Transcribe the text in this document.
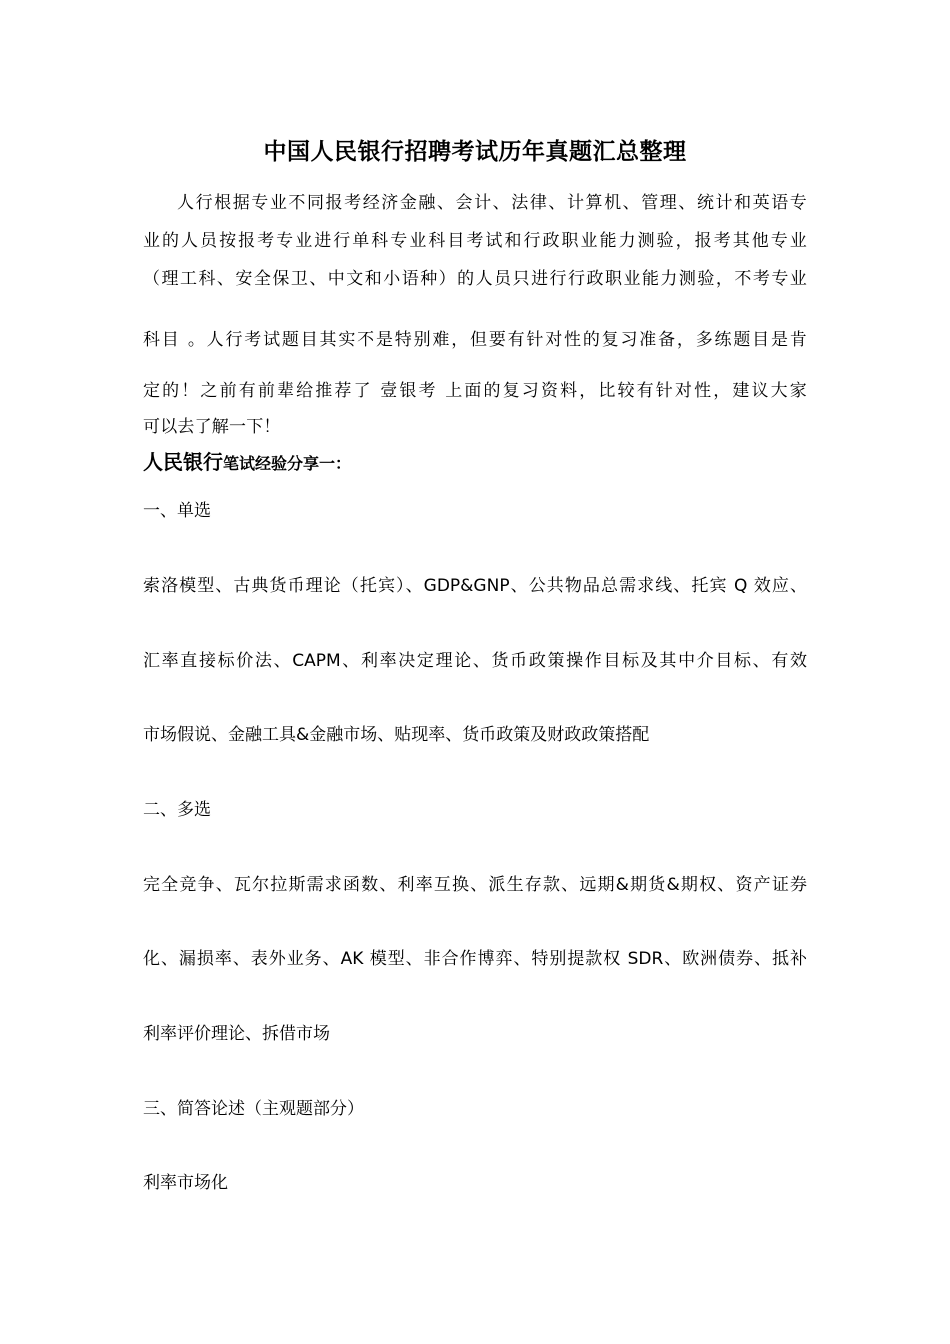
中国人民银行招聘考试历年真题汇总整理
人行根据专业不同报考经济金融、会计、法律、计算机、管理、统计和英语专
业的人员按报考专业进行单科专业科目考试和行政职业能力测验，报考其他专业
（理工科、安全保卫、中文和小语种）的人员只进行行政职业能力测验，不考专业
科目 。人行考试题目其实不是特别难，但要有针对性的复习准备，多练题目是肯
定的！之前有前辈给推荐了 壹银考 上面的复习资料，比较有针对性，建议大家
可以去了解一下！
人民银行笔试经验分享一：
一、单选
索洛模型、古典货币理论（托宾）、GDP&GNP、公共物品总需求线、托宾 Q 效应、
汇率直接标价法、CAPM、利率决定理论、货币政策操作目标及其中介目标、有效
市场假说、金融工具&金融市场、贴现率、货币政策及财政政策搭配
二、多选
完全竞争、瓦尔拉斯需求函数、利率互换、派生存款、远期&期货&期权、资产证券
化、漏损率、表外业务、AK 模型、非合作博弈、特别提款权 SDR、欧洲债券、抵补
利率评价理论、拆借市场
三、简答论述（主观题部分）
利率市场化
